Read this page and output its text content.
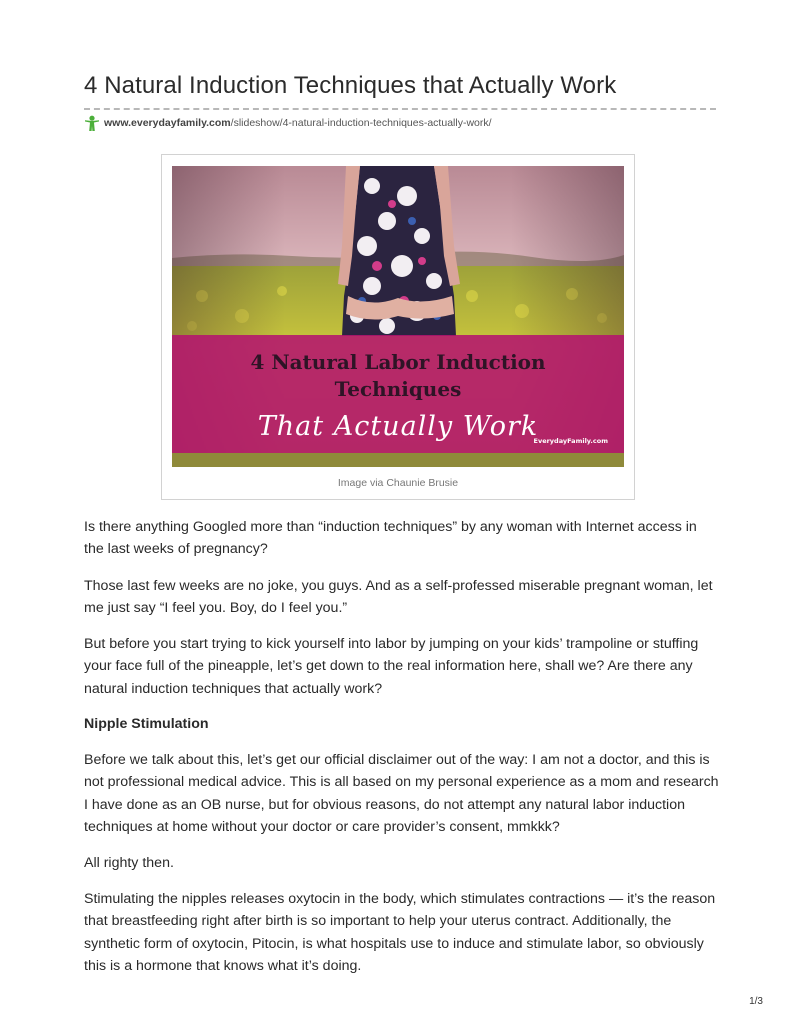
4 Natural Induction Techniques that Actually Work
www.everydayfamily.com /slideshow/4-natural-induction-techniques-actually-work/
4 Natural Labor Induction
Techniques
That Actually Work
EverydayFamily.com
Image via Chaunie Brusie

Is there anything Googled more than “induction techniques” by any woman with Internet access in the last weeks of pregnancy?

Those last few weeks are no joke, you guys. And as a self-professed miserable pregnant woman, let me just say “I feel you. Boy, do I feel you.”

But before you start trying to kick yourself into labor by jumping on your kids’ trampoline or stuffing your face full of the pineapple, let’s get down to the real information here, shall we? Are there any natural induction techniques that actually work?

Nipple Stimulation

Before we talk about this, let’s get our official disclaimer out of the way: I am not a doctor, and this is not professional medical advice. This is all based on my personal experience as a mom and research I have done as an OB nurse, but for obvious reasons, do not attempt any natural labor induction techniques at home without your doctor or care provider’s consent, mmkkk?

All righty then.

Stimulating the nipples releases oxytocin in the body, which stimulates contractions — it’s the reason that breastfeeding right after birth is so important to help your uterus contract. Additionally, the synthetic form of oxytocin, Pitocin, is what hospitals use to induce and stimulate labor, so obviously this is a hormone that knows what it’s doing.

1/3
